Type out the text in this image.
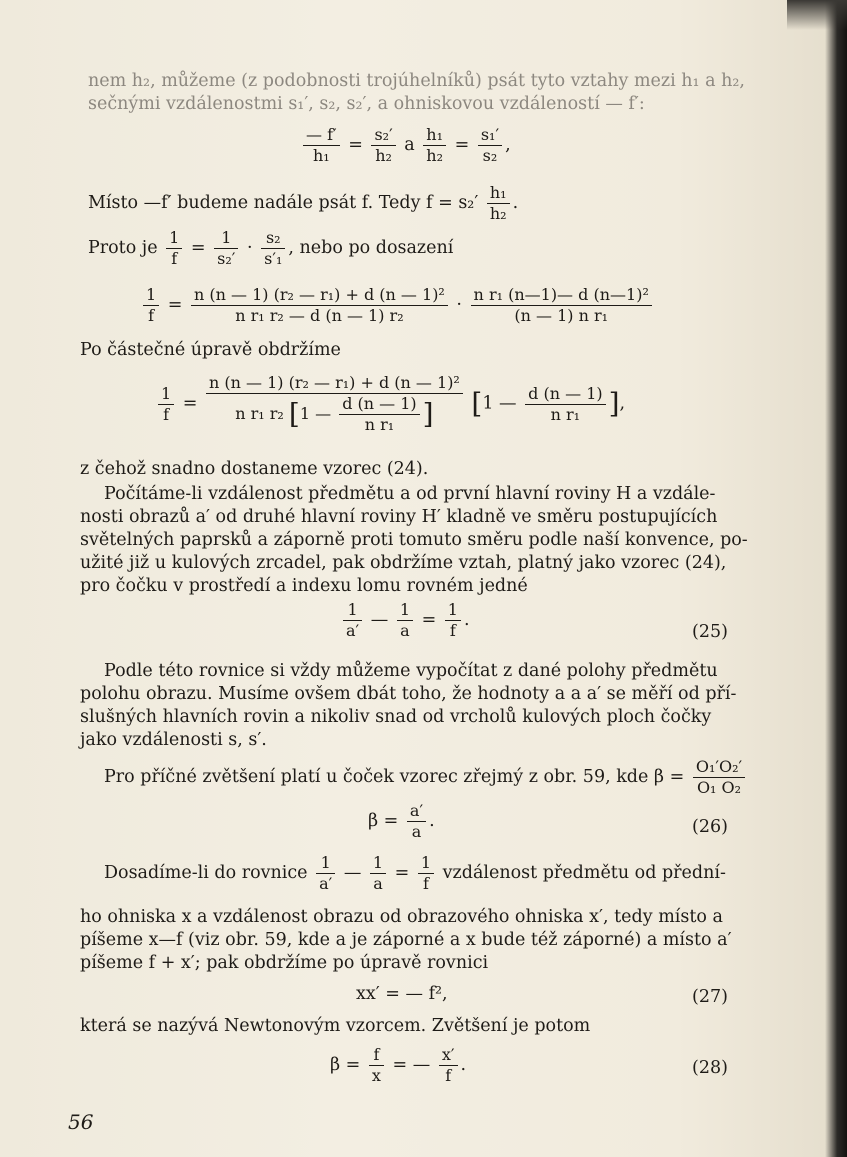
nem h₂, můžeme (z podobnosti trojúhelníků) psát tyto vztahy mezi h₁ a h₂,
sečnými vzdálenostmi s₁′, s₂, s₂′, a ohniskovou vzdáleností — f′:
$\frac{— f'}{\text{h₁}} = \frac{\text{s₂′}}{\text{h₂}}$ a $\frac{\text{h₁}}{\text{h₂}} = \frac{\text{s₁′}}{\text{s₂}}$ ,
Místo —f′ budeme nadále psát f. Tedy $f = s_2' \frac{\text{h₁}}{\text{h₂}}$ .
Proto je $\frac{1}{f} = \frac{1}{\text{s₂′}} \cdot \frac{\text{s₂}}{\text{s′₁}}$ , nebo po dosazení
$\frac{1}{f} = \frac{\text{n (n — 1) (r₂ — r₁) + d (n — 1)²}}{\text{n r₁ r₂ — d (n — 1) r₂}} \cdot \frac{\text{n r₁ (n—1)— d (n—1)²}}{\text{(n — 1) n r₁}}$
Po částečné úpravě obdržíme
$\frac{1}{f} = \frac{\text{n (n — 1) (r₂ — r₁) + d (n — 1)²}}{n r_1 r_2 [1 — \frac{d (n — 1)}{\text{n r₁}} ]} [1$ — $\frac{d (n — 1)}{\text{n r₁}}$ ],
z čehož snadno dostaneme vzorec (24).
Počítáme-li vzdálenost předmětu a od první hlavní roviny H a vzdále-
nosti obrazů a′ od druhé hlavní roviny H′ kladně ve směru postupujících
světelných paprsků a záporně proti tomuto směru podle naší konvence, po-
užité již u kulových zrcadel, pak obdržíme vztah, platný jako vzorec (24),
pro čočku v prostředí a indexu lomu rovném jedné
$\frac{1}{a'}$ — $\frac{1}{a} = \frac{1}{f}$ .
(25)
Podle této rovnice si vždy můžeme vypočítat z dané polohy předmětu
polohu obrazu. Musíme ovšem dbát toho, že hodnoty a a a′ se měří od pří-
slušných hlavních rovin a nikoliv snad od vrcholů kulových ploch čočky
jako vzdálenosti s, s′.
Pro příčné zvětšení platí u čoček vzorec zřejmý z obr. 59, kde $\beta = \frac{\text{O₁′O₂′}}{\text{O₁ O₂}}$
$\beta = \frac{a'}{a}$ .	(26)
Dosadíme-li do rovnice $\frac{1}{a'}$ — $\frac{1}{a} = \frac{1}{f}$ vzdálenost předmětu od přední-
ho ohniska x a vzdálenost obrazu od obrazového ohniska x′, tedy místo a
píšeme x—f (viz obr. 59, kde a je záporné a x bude též záporné) a místo a′
píšeme f + x′; pak obdržíme po úpravě rovnici
xx′ = — f²,	(27)
která se nazývá Newtonovým vzorcem. Zvětšení je potom
$\beta = \frac{f}{x}$ = — $\frac{x'}{f}$ .	(28)
56
